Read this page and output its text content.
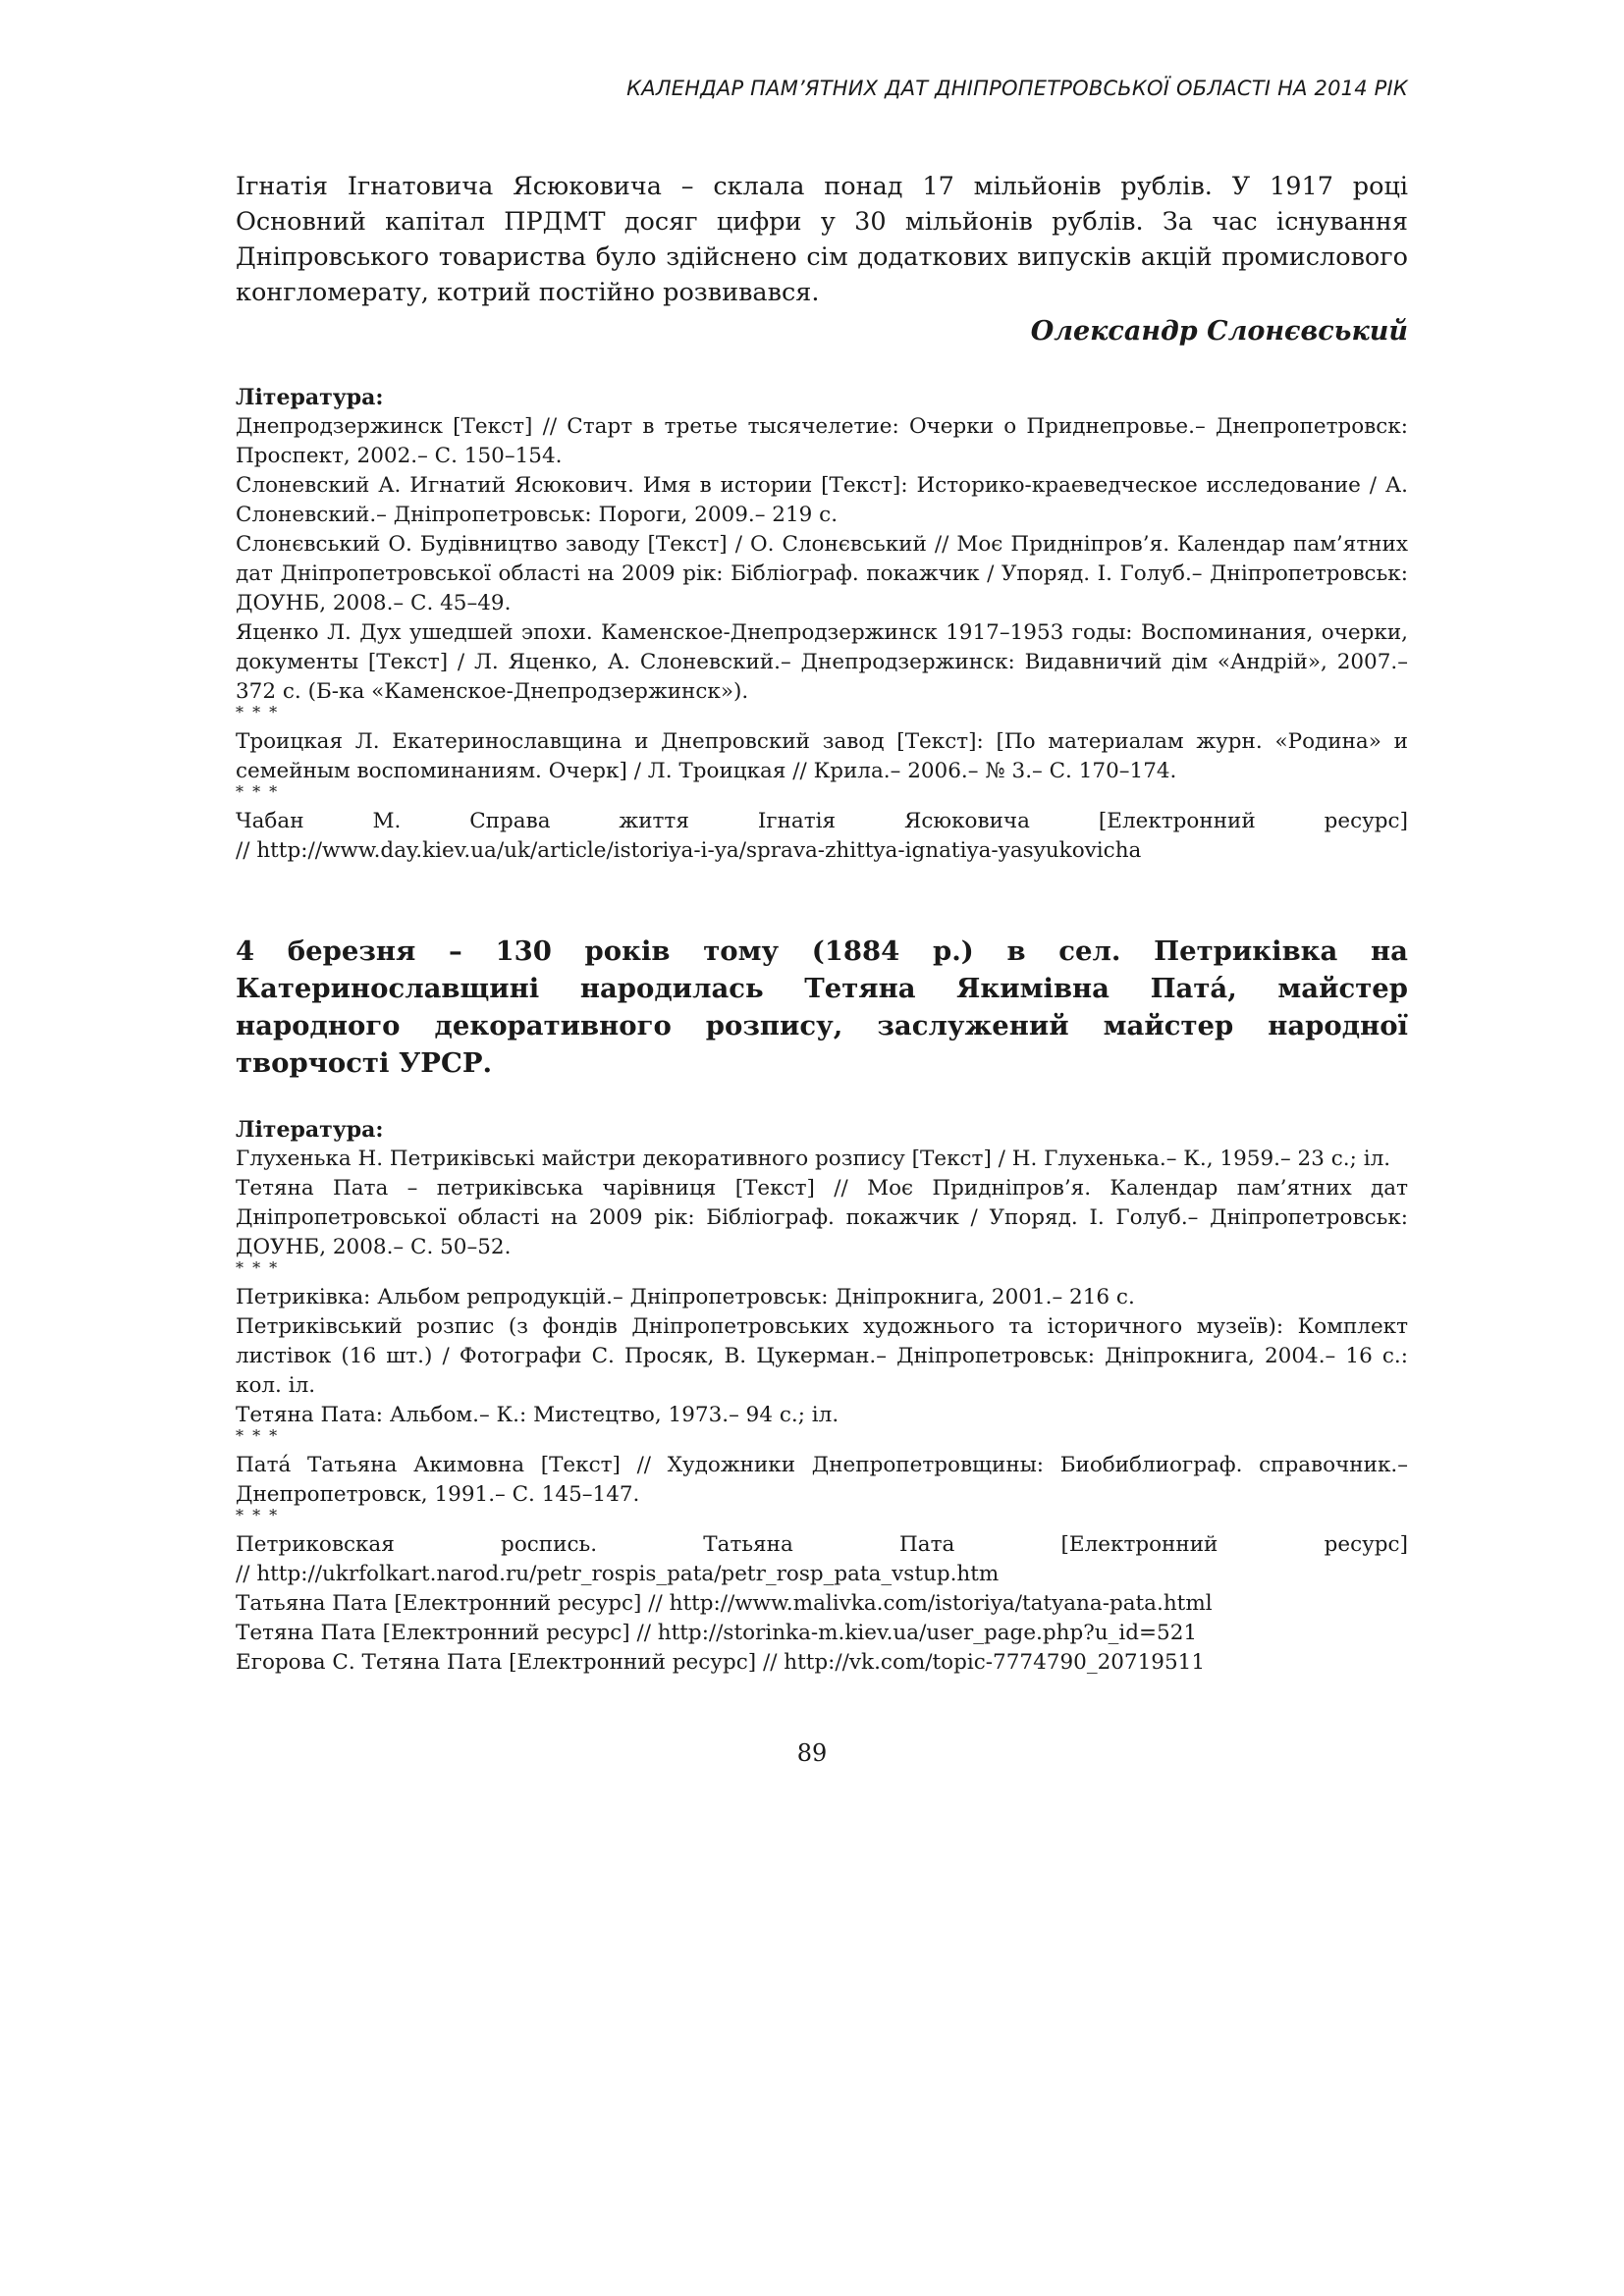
КАЛЕНДАР ПАМ’ЯТНИХ ДАТ ДНІПРОПЕТРОВСЬКОЇ ОБЛАСТІ НА 2014 РІК

Ігнатія Ігнатовича Ясюковича – склала понад 17 мільйонів рублів. У 1917 році Основний капітал ПРДМТ досяг цифри у 30 мільйонів рублів. За час існування Дніпровського товариства було здійснено сім додаткових випусків акцій промислового конгломерату, котрий постійно розвивався.

Олександр Слонєвський

Література:

Днепродзержинск [Текст] // Старт в третье тысячелетие: Очерки о Приднепровье.– Днепропетровск: Проспект, 2002.– С. 150–154.
Слоневский А. Игнатий Ясюкович. Имя в истории [Текст]: Историко-краеведческое исследование / А. Слоневский.– Дніпропетровськ: Пороги, 2009.– 219 с.
Слонєвський О. Будівництво заводу [Текст] / О. Слонєвський // Моє Придніпров’я. Календар пам’ятних дат Дніпропетровської області на 2009 рік: Бібліограф. покажчик / Упоряд. І. Голуб.– Дніпропетровськ: ДОУНБ, 2008.– С. 45–49.
Яценко Л. Дух ушедшей эпохи. Каменское-Днепродзержинск 1917–1953 годы: Воспоминания, очерки, документы [Текст] / Л. Яценко, А. Слоневский.– Днепродзержинск: Видавничий дім «Андрій», 2007.– 372 с. (Б-ка «Каменское-Днепродзержинск»).
* * *
Троицкая Л. Екатеринославщина и Днепровский завод [Текст]: [По материалам журн. «Родина» и семейным воспоминаниям. Очерк] / Л. Троицкая // Крила.– 2006.– № 3.– С. 170–174.
* * *
Чабан М. Справа життя Ігнатія Ясюковича [Електронний ресурс]
// http://www.day.kiev.ua/uk/article/istoriya-i-ya/sprava-zhittya-ignatiya-yasyukovicha

4 березня – 130 років тому (1884 р.) в сел. Петриківка на Катеринославщині народилась Тетяна Якимівна Пата́, майстер народного декоративного розпису, заслужений майстер народної творчості УРСР.

Література:

Глухенька Н. Петриківські майстри декоративного розпису [Текст] / Н. Глухенька.– К., 1959.– 23 с.; іл.
Тетяна Пата – петриківська чарівниця [Текст] // Моє Придніпров’я. Календар пам’ятних дат Дніпропетровської області на 2009 рік: Бібліограф. покажчик / Упоряд. І. Голуб.– Дніпропетровськ: ДОУНБ, 2008.– С. 50–52.
* * *
Петриківка: Альбом репродукцій.– Дніпропетровськ: Дніпрокнига, 2001.– 216 с.
Петриківський розпис (з фондів Дніпропетровських художнього та історичного музеїв): Комплект листівок (16 шт.) / Фотографи С. Просяк, В. Цукерман.– Дніпропетровськ: Дніпрокнига, 2004.– 16 с.: кол. іл.
Тетяна Пата: Альбом.– К.: Мистецтво, 1973.– 94 с.; іл.
* * *
Пата́ Татьяна Акимовна [Текст] // Художники Днепропетровщины: Биобиблиограф. справочник.– Днепропетровск, 1991.– С. 145–147.
* * *
Петриковская роспись. Татьяна Пата [Електронний ресурс]
// http://ukrfolkart.narod.ru/petr_rospis_pata/petr_rosp_pata_vstup.htm
Татьяна Пата [Електронний ресурс] // http://www.malivka.com/istoriya/tatyana-pata.html
Тетяна Пата [Електронний ресурс] // http://storinka-m.kiev.ua/user_page.php?u_id=521
Егорова С. Тетяна Пата [Електронний ресурс] // http://vk.com/topic-7774790_20719511
89
